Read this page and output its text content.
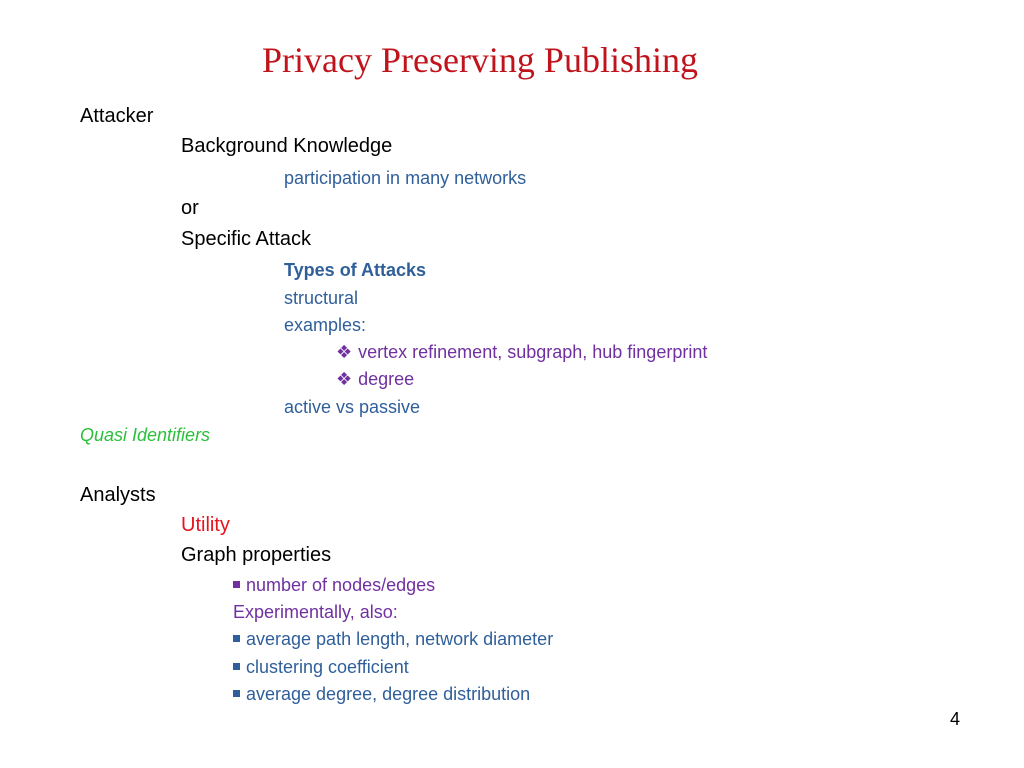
Privacy Preserving Publishing
Attacker
Background Knowledge
participation in many networks
or
Specific Attack
Types of Attacks
structural
examples:
❖ vertex refinement, subgraph, hub fingerprint
❖ degree
active vs passive
Quasi Identifiers
Analysts
Utility
Graph properties
number of nodes/edges
Experimentally, also:
average path length, network diameter
clustering coefficient
average degree, degree distribution
4
